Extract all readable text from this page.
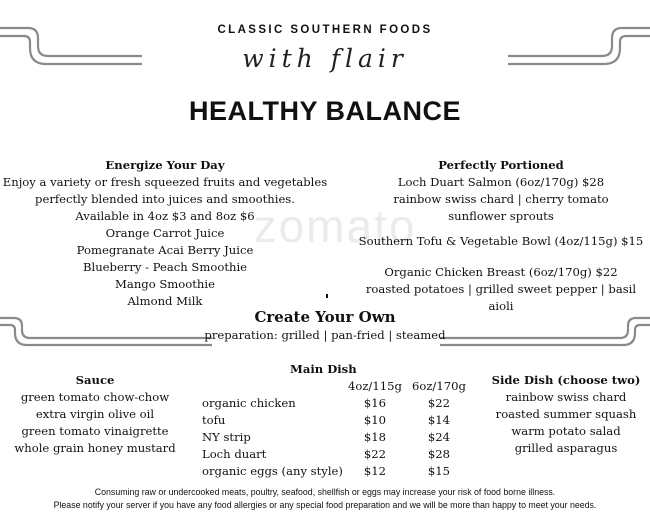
zomato
CLASSIC SOUTHERN FOODS
with flair
HEALTHY BALANCE
Energize Your Day
Enjoy a variety or fresh squeezed fruits and vegetables
perfectly blended into juices and smoothies.
Available in 4oz $3 and 8oz $6
Orange Carrot Juice
Pomegranate Acai Berry Juice
Blueberry - Peach Smoothie
Mango Smoothie
Almond Milk
Perfectly Portioned
Loch Duart Salmon (6oz/170g) $28
rainbow swiss chard | cherry tomato
sunflower sprouts
Southern Tofu & Vegetable Bowl (4oz/115g) $15
Organic Chicken Breast (6oz/170g) $22
roasted potatoes | grilled sweet pepper | basil aioli
Create Your Own
preparation: grilled | pan-fried | steamed
Sauce
green tomato chow-chow
extra virgin olive oil
green tomato vinaigrette
whole grain honey mustard
Main Dish
	4oz/115g	6oz/170g
organic chicken	$16	$22
tofu	$10	$14
NY strip	$18	$24
Loch duart	$22	$28
organic eggs (any style)	$12	$15
Side Dish (choose two)
rainbow swiss chard
roasted summer squash
warm potato salad
grilled asparagus
Consuming raw or undercooked meats, poultry, seafood, shellfish or eggs may increase your risk of food borne illness.
Please notify your server if you have any food allergies or any special food preparation and we will be more than happy to meet your needs.
